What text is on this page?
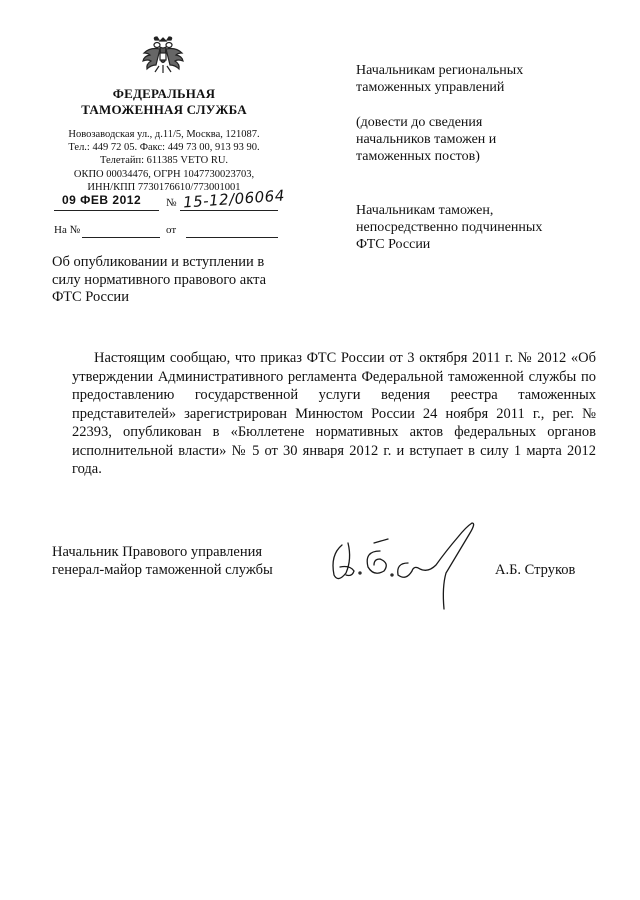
ФЕДЕРАЛЬНАЯ
ТАМОЖЕННАЯ СЛУЖБА
Новозаводская ул., д.11/5, Москва, 121087.
Тел.: 449 72 05. Факс: 449 73 00, 913 93 90.
Телетайп: 611385 VETO RU.
ОКПО 00034476, ОГРН 1047730023703,
ИНН/КПП 7730176610/773001001
09 ФЕВ 2012 № 15-12/06064
На №	от
Начальникам региональных
таможенных управлений
(довести до сведения
начальников таможен и
таможенных постов)
Начальникам таможен,
непосредственно подчиненных
ФТС России
Об опубликовании и вступлении в
силу нормативного правового акта
ФТС России
Настоящим сообщаю, что приказ ФТС России от 3 октября 2011 г. № 2012 «Об утверждении Административного регламента Федеральной таможенной службы по предоставлению государственной услуги ведения реестра таможенных представителей» зарегистрирован Минюстом России 24 ноября 2011 г., рег. № 22393, опубликован в «Бюллетене нормативных актов федеральных органов исполнительной власти» № 5 от 30 января 2012 г. и вступает в силу 1 марта 2012 года.
Начальник Правового управления
генерал-майор таможенной службы	А.Б. Струков
